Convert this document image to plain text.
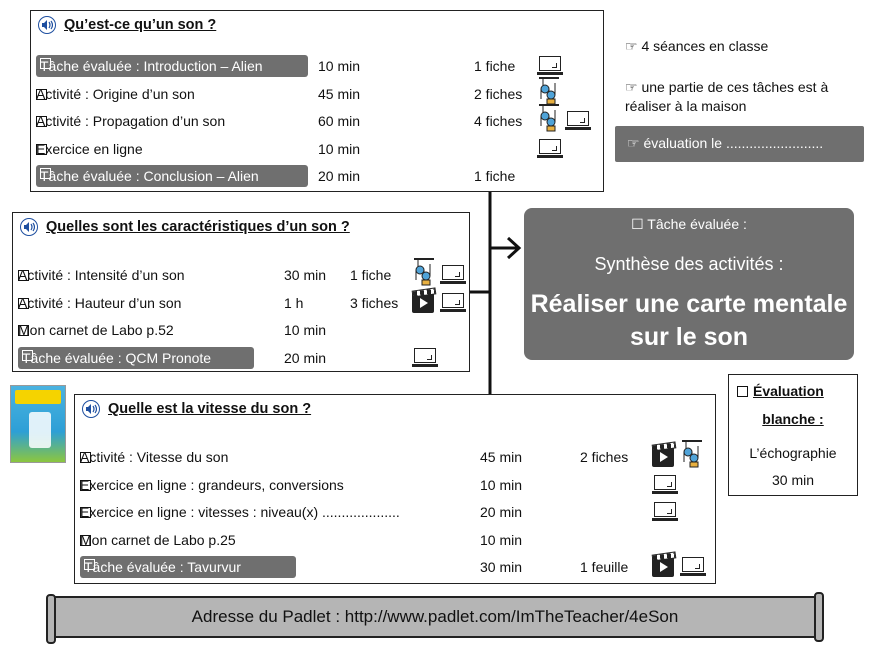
Qu’est-ce qu’un son ?
Tâche évaluée : Introduction – Alien	10 min	1 fiche
Activité : Origine d’un son	45 min	2 fiches
Activité : Propagation d’un son	60 min	4 fiches
Exercice en ligne	10 min
Tâche évaluée : Conclusion – Alien	20 min	1 fiche
Quelles sont les caractéristiques d’un son ?
Activité : Intensité d’un son	30 min 1 fiche
Activité : Hauteur d’un son	1 h	3 fiches
Mon carnet de Labo p.52	10 min
Tâche évaluée : QCM Pronote	20 min
Quelle est la vitesse du son ?
Activité : Vitesse du son	45 min	2 fiches
Exercice en ligne : grandeurs, conversions	10 min
Exercice en ligne : vitesses : niveau(x) ....................	20 min
Mon carnet de Labo p.25	10 min
Tâche évaluée : Tavurvur	30 min	1 feuille
☞ 4 séances en classe
☞ une partie de ces tâches est à réaliser à la maison
☞ évaluation le .........................
☐ Tâche évaluée :
Synthèse des activités :
Réaliser une carte mentale sur le son
Évaluation
blanche :
L’échographie
30 min
Adresse du Padlet : http://www.padlet.com/ImTheTeacher/4eSon
